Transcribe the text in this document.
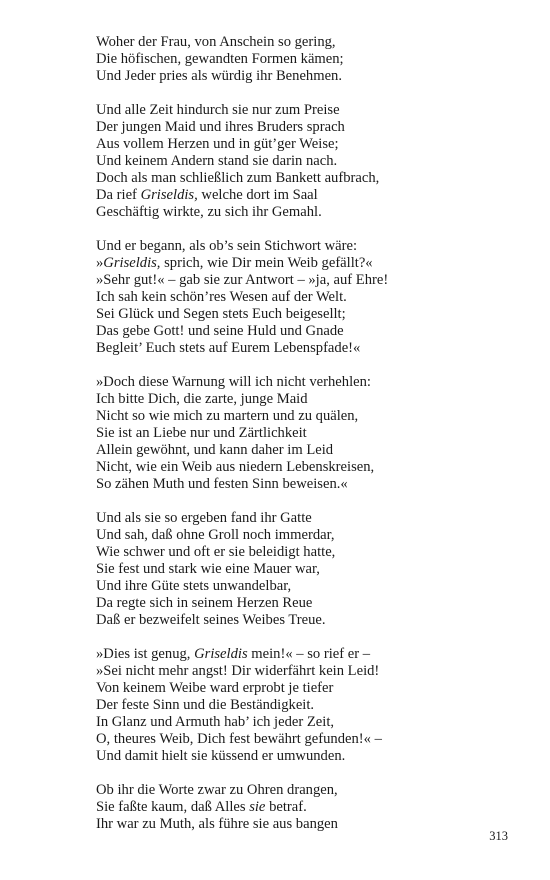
Woher der Frau, von Anschein so gering,
Die höfischen, gewandten Formen kämen;
Und Jeder pries als würdig ihr Benehmen.
Und alle Zeit hindurch sie nur zum Preise
Der jungen Maid und ihres Bruders sprach
Aus vollem Herzen und in güt’ger Weise;
Und keinem Andern stand sie darin nach.
Doch als man schließlich zum Bankett aufbrach,
Da rief Griseldis, welche dort im Saal
Geschäftig wirkte, zu sich ihr Gemahl.
Und er begann, als ob’s sein Stichwort wäre:
»Griseldis, sprich, wie Dir mein Weib gefällt?«
»Sehr gut!« – gab sie zur Antwort – »ja, auf Ehre!
Ich sah kein schön’res Wesen auf der Welt.
Sei Glück und Segen stets Euch beigesellt;
Das gebe Gott! und seine Huld und Gnade
Begleit’ Euch stets auf Eurem Lebenspfade!«
»Doch diese Warnung will ich nicht verhehlen:
Ich bitte Dich, die zarte, junge Maid
Nicht so wie mich zu martern und zu quälen,
Sie ist an Liebe nur und Zärtlichkeit
Allein gewöhnt, und kann daher im Leid
Nicht, wie ein Weib aus niedern Lebenskreisen,
So zähen Muth und festen Sinn beweisen.«
Und als sie so ergeben fand ihr Gatte
Und sah, daß ohne Groll noch immerdar,
Wie schwer und oft er sie beleidigt hatte,
Sie fest und stark wie eine Mauer war,
Und ihre Güte stets unwandelbar,
Da regte sich in seinem Herzen Reue
Daß er bezweifelt seines Weibes Treue.
»Dies ist genug, Griseldis mein!« – so rief er –
»Sei nicht mehr angst! Dir widerfährt kein Leid!
Von keinem Weibe ward erprobt je tiefer
Der feste Sinn und die Beständigkeit.
In Glanz und Armuth hab’ ich jeder Zeit,
O, theures Weib, Dich fest bewährt gefunden!« –
Und damit hielt sie küssend er umwunden.
Ob ihr die Worte zwar zu Ohren drangen,
Sie faßte kaum, daß Alles sie betraf.
Ihr war zu Muth, als führe sie aus bangen
313
